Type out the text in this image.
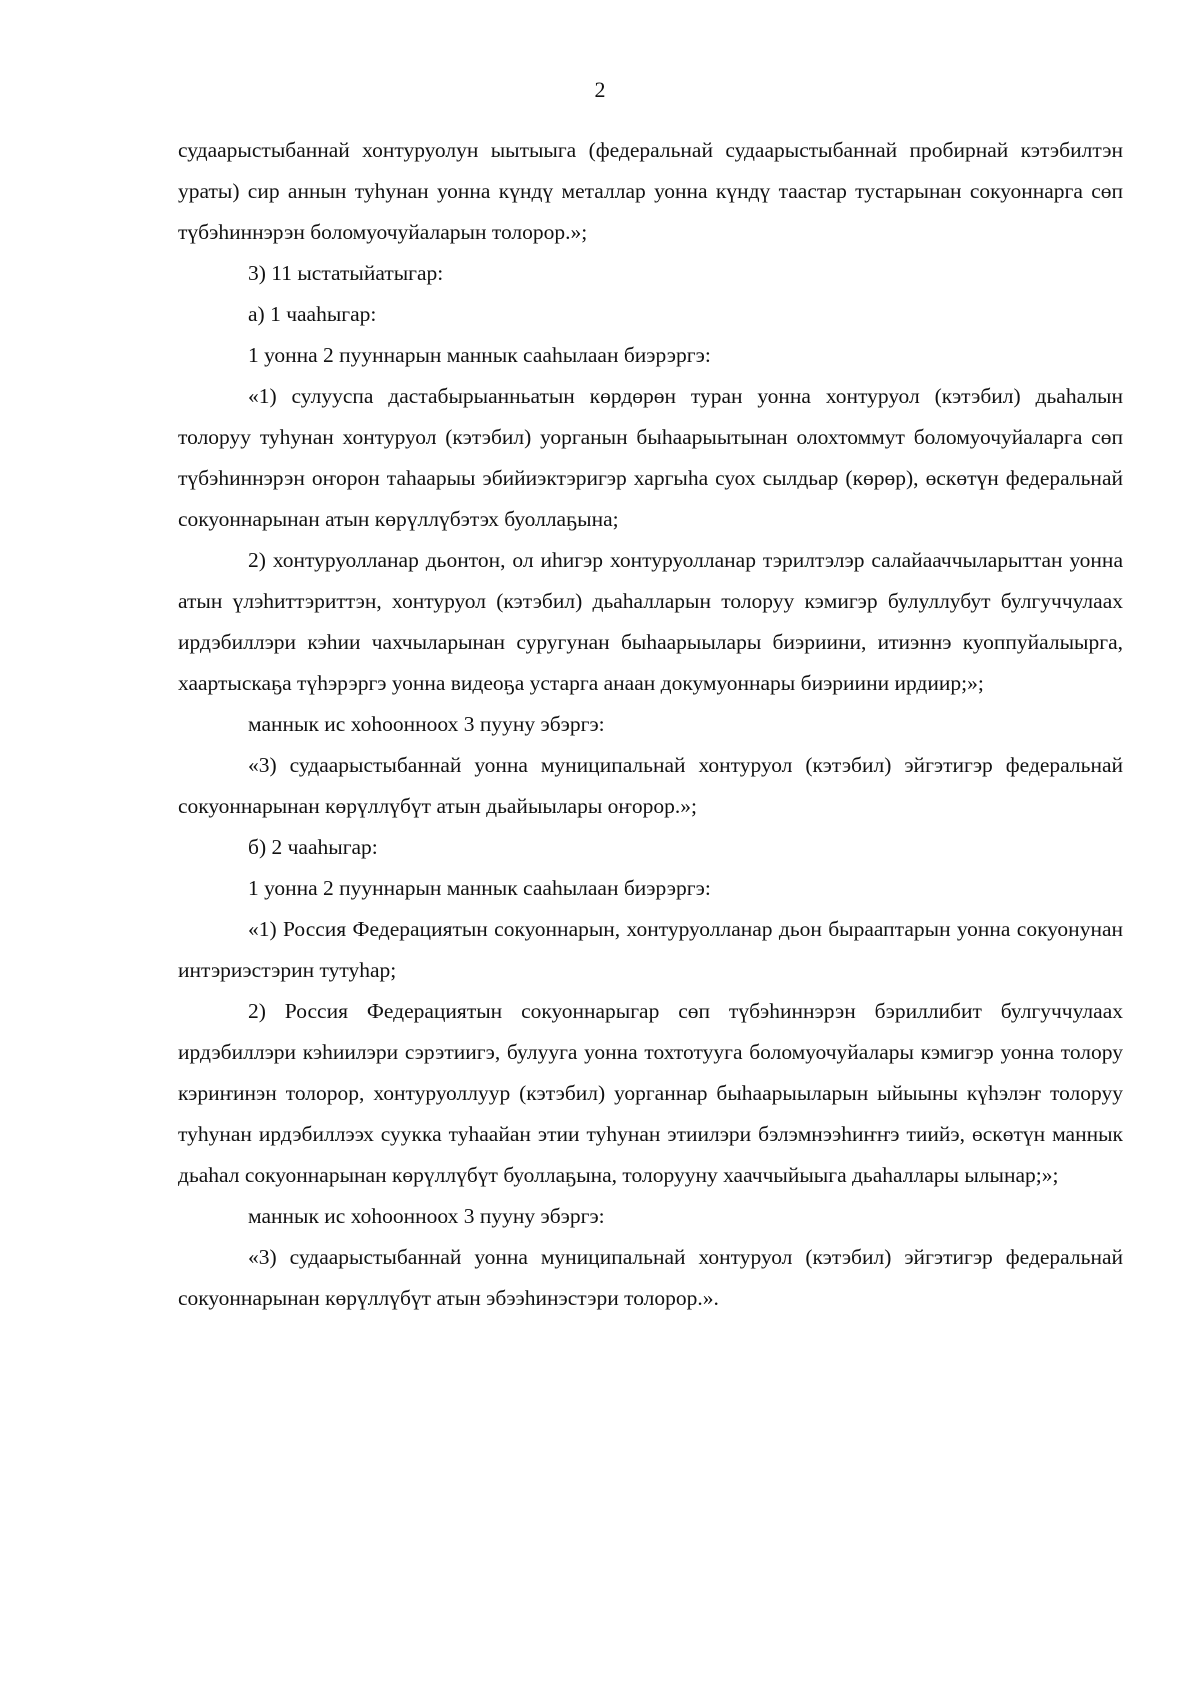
2

судаарыстыбаннай хонтуруолун ыытыыга (федеральнай судаарыстыбаннай пробирнай кэтэбилтэн ураты) сир аннын туһунан уонна күндү металлар уонна күндү таастар тустарынан сокуоннарга сөп түбэһиннэрэн боломуочуйаларын толорор.»;

3) 11 ыстатыйатыгар:

а) 1 чааһыгар:

1 уонна 2 пууннарын маннык сааһылаан биэрэргэ:

«1) сулууспа дастабырыанньатын көрдөрөн туран уонна хонтуруол (кэтэбил) дьаһалын толоруу туһунан хонтуруол (кэтэбил) уорганын быһаарыытынан олохтоммут боломуочуйаларга сөп түбэһиннэрэн оҥорон таһаарыы эбийиэктэригэр харгыһа суох сылдьар (көрөр), өскөтүн федеральнай сокуоннарынан атын көрүллүбэтэх буоллаҕына;

2) хонтуруолланар дьонтон, ол иһигэр хонтуруолланар тэрилтэлэр салайааччыларыттан уонна атын үлэһиттэриттэн, хонтуруол (кэтэбил) дьаһалларын толоруу кэмигэр булуллубут булгуччулаах ирдэбиллэри кэһии чахчыларынан суругунан быһаарыылары биэриини, итиэннэ куоппуйалыырга, хаартыскаҕа түһэрэргэ уонна видеоҕа устарга анаан докумуоннары биэриини ирдиир;»;

маннык ис хоһоонноох 3 пууну эбэргэ:

«3) судаарыстыбаннай уонна муниципальнай хонтуруол (кэтэбил) эйгэтигэр федеральнай сокуоннарынан көрүллүбүт атын дьайыылары оҥорор.»;

б) 2 чааһыгар:

1 уонна 2 пууннарын маннык сааһылаан биэрэргэ:

«1) Россия Федерациятын сокуоннарын, хонтуруолланар дьон бырааптарын уонна сокуонунан интэриэстэрин тутуһар;

2) Россия Федерациятын сокуоннарыгар сөп түбэһиннэрэн бэриллибит булгуччулаах ирдэбиллэри кэһиилэри сэрэтиигэ, булууга уонна тохтотууга боломуочуйалары кэмигэр уонна толору кэриҥинэн толорор, хонтуруоллуур (кэтэбил) уорганнар быһаарыыларын ыйыыны күһэлэҥ толоруу туһунан ирдэбиллээх суукка туһаайан этии туһунан этиилэри бэлэмнээһиҥҥэ тиийэ, өскөтүн маннык дьаһал сокуоннарынан көрүллүбүт буоллаҕына, толорууну хааччыйыыга дьаһаллары ылынар;»;

маннык ис хоһоонноох 3 пууну эбэргэ:

«3) судаарыстыбаннай уонна муниципальнай хонтуруол (кэтэбил) эйгэтигэр федеральнай сокуоннарынан көрүллүбүт атын эбээһинэстэри толорор.».
